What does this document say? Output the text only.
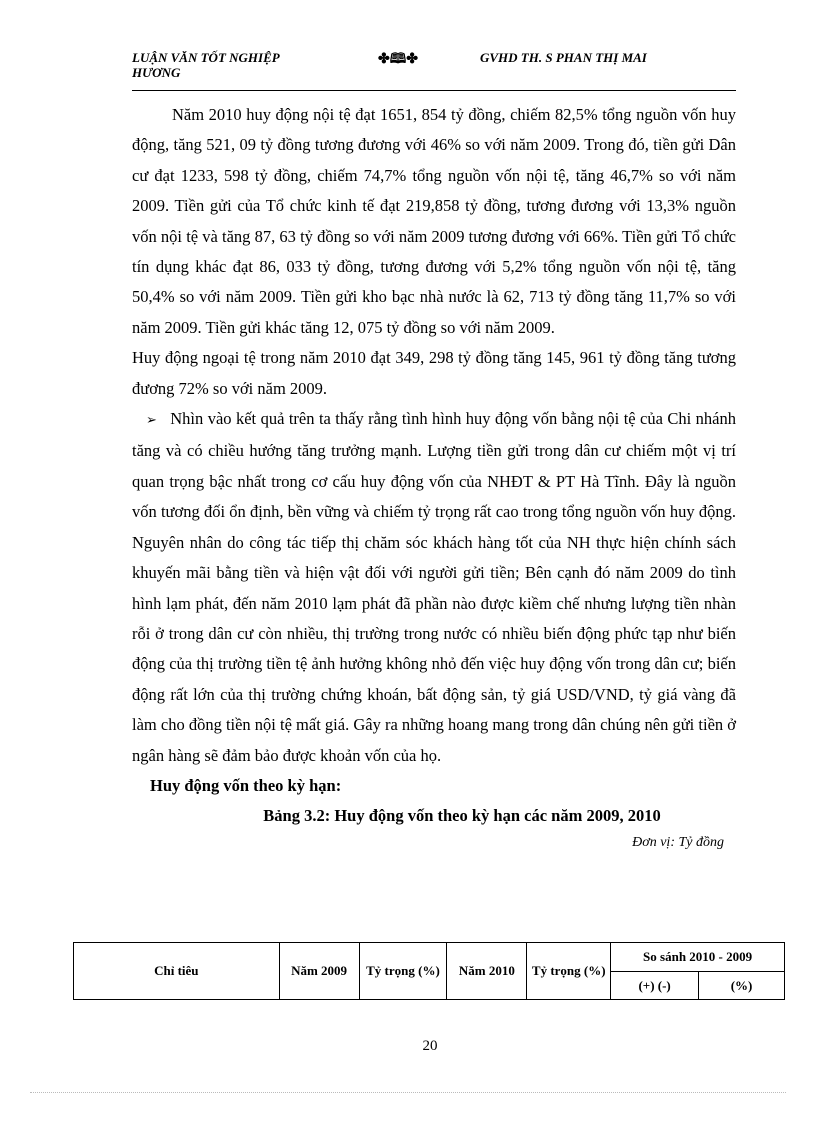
LUẬN VĂN TỐT NGHIỆP HƯƠNG
✤🕮✤	GVHD TH. S PHAN THỊ MAI

Năm 2010 huy động nội tệ đạt 1651, 854 tỷ đồng, chiếm 82,5% tổng nguồn vốn huy động, tăng 521, 09 tỷ đồng tương đương với 46% so với năm 2009. Trong đó, tiền gửi Dân cư đạt 1233, 598 tỷ đồng, chiếm 74,7% tổng nguồn vốn nội tệ, tăng 46,7% so với năm 2009. Tiền gửi của Tổ chức kinh tế đạt 219,858 tỷ đồng, tương đương với 13,3% nguồn vốn nội tệ và tăng 87, 63 tỷ đồng so với năm 2009 tương đương với 66%. Tiền gửi Tổ chức tín dụng khác đạt 86, 033 tỷ đồng, tương đương với 5,2% tổng nguồn vốn nội tệ, tăng 50,4% so với năm 2009. Tiền gửi kho bạc nhà nước là 62, 713 tỷ đồng tăng 11,7% so với năm 2009. Tiền gửi khác tăng 12, 075 tỷ đồng so với năm 2009.

Huy động ngoại tệ trong năm 2010 đạt 349, 298 tỷ đồng tăng 145, 961 tỷ đồng tăng tương đương 72% so với năm 2009.

➢ Nhìn vào kết quả trên ta thấy rằng tình hình huy động vốn bằng nội tệ của Chi nhánh tăng và có chiều hướng tăng trưởng mạnh. Lượng tiền gửi trong dân cư chiếm một vị trí quan trọng bậc nhất trong cơ cấu huy động vốn của NHĐT & PT Hà Tĩnh. Đây là nguồn vốn tương đối ổn định, bền vững và chiếm tỷ trọng rất cao trong tổng nguồn vốn huy động. Nguyên nhân do công tác tiếp thị chăm sóc khách hàng tốt của NH thực hiện chính sách khuyến mãi bằng tiền và hiện vật đối với người gửi tiền; Bên cạnh đó năm 2009 do tình hình lạm phát, đến năm 2010 lạm phát đã phần nào được kiềm chế nhưng lượng tiền nhàn rỗi ở trong dân cư còn nhiều, thị trường trong nước có nhiều biến động phức tạp như biến động của thị trường tiền tệ ảnh hưởng không nhỏ đến việc huy động vốn trong dân cư; biến động rất lớn của thị trường chứng khoán, bất động sản, tỷ giá USD/VND, tỷ giá vàng đã làm cho đồng tiền nội tệ mất giá. Gây ra những hoang mang trong dân chúng nên gửi tiền ở ngân hàng sẽ đảm bảo được khoản vốn của họ.

Huy động vốn theo kỳ hạn:

Bảng 3.2: Huy động vốn theo kỳ hạn các năm 2009, 2010

Đơn vị: Tỷ đồng

Chỉ tiêu	Năm 2009	Tỷ trọng (%)	Năm 2010	Tỷ trọng (%)	So sánh 2010 - 2009	
					(+) (-)	(%)
20
